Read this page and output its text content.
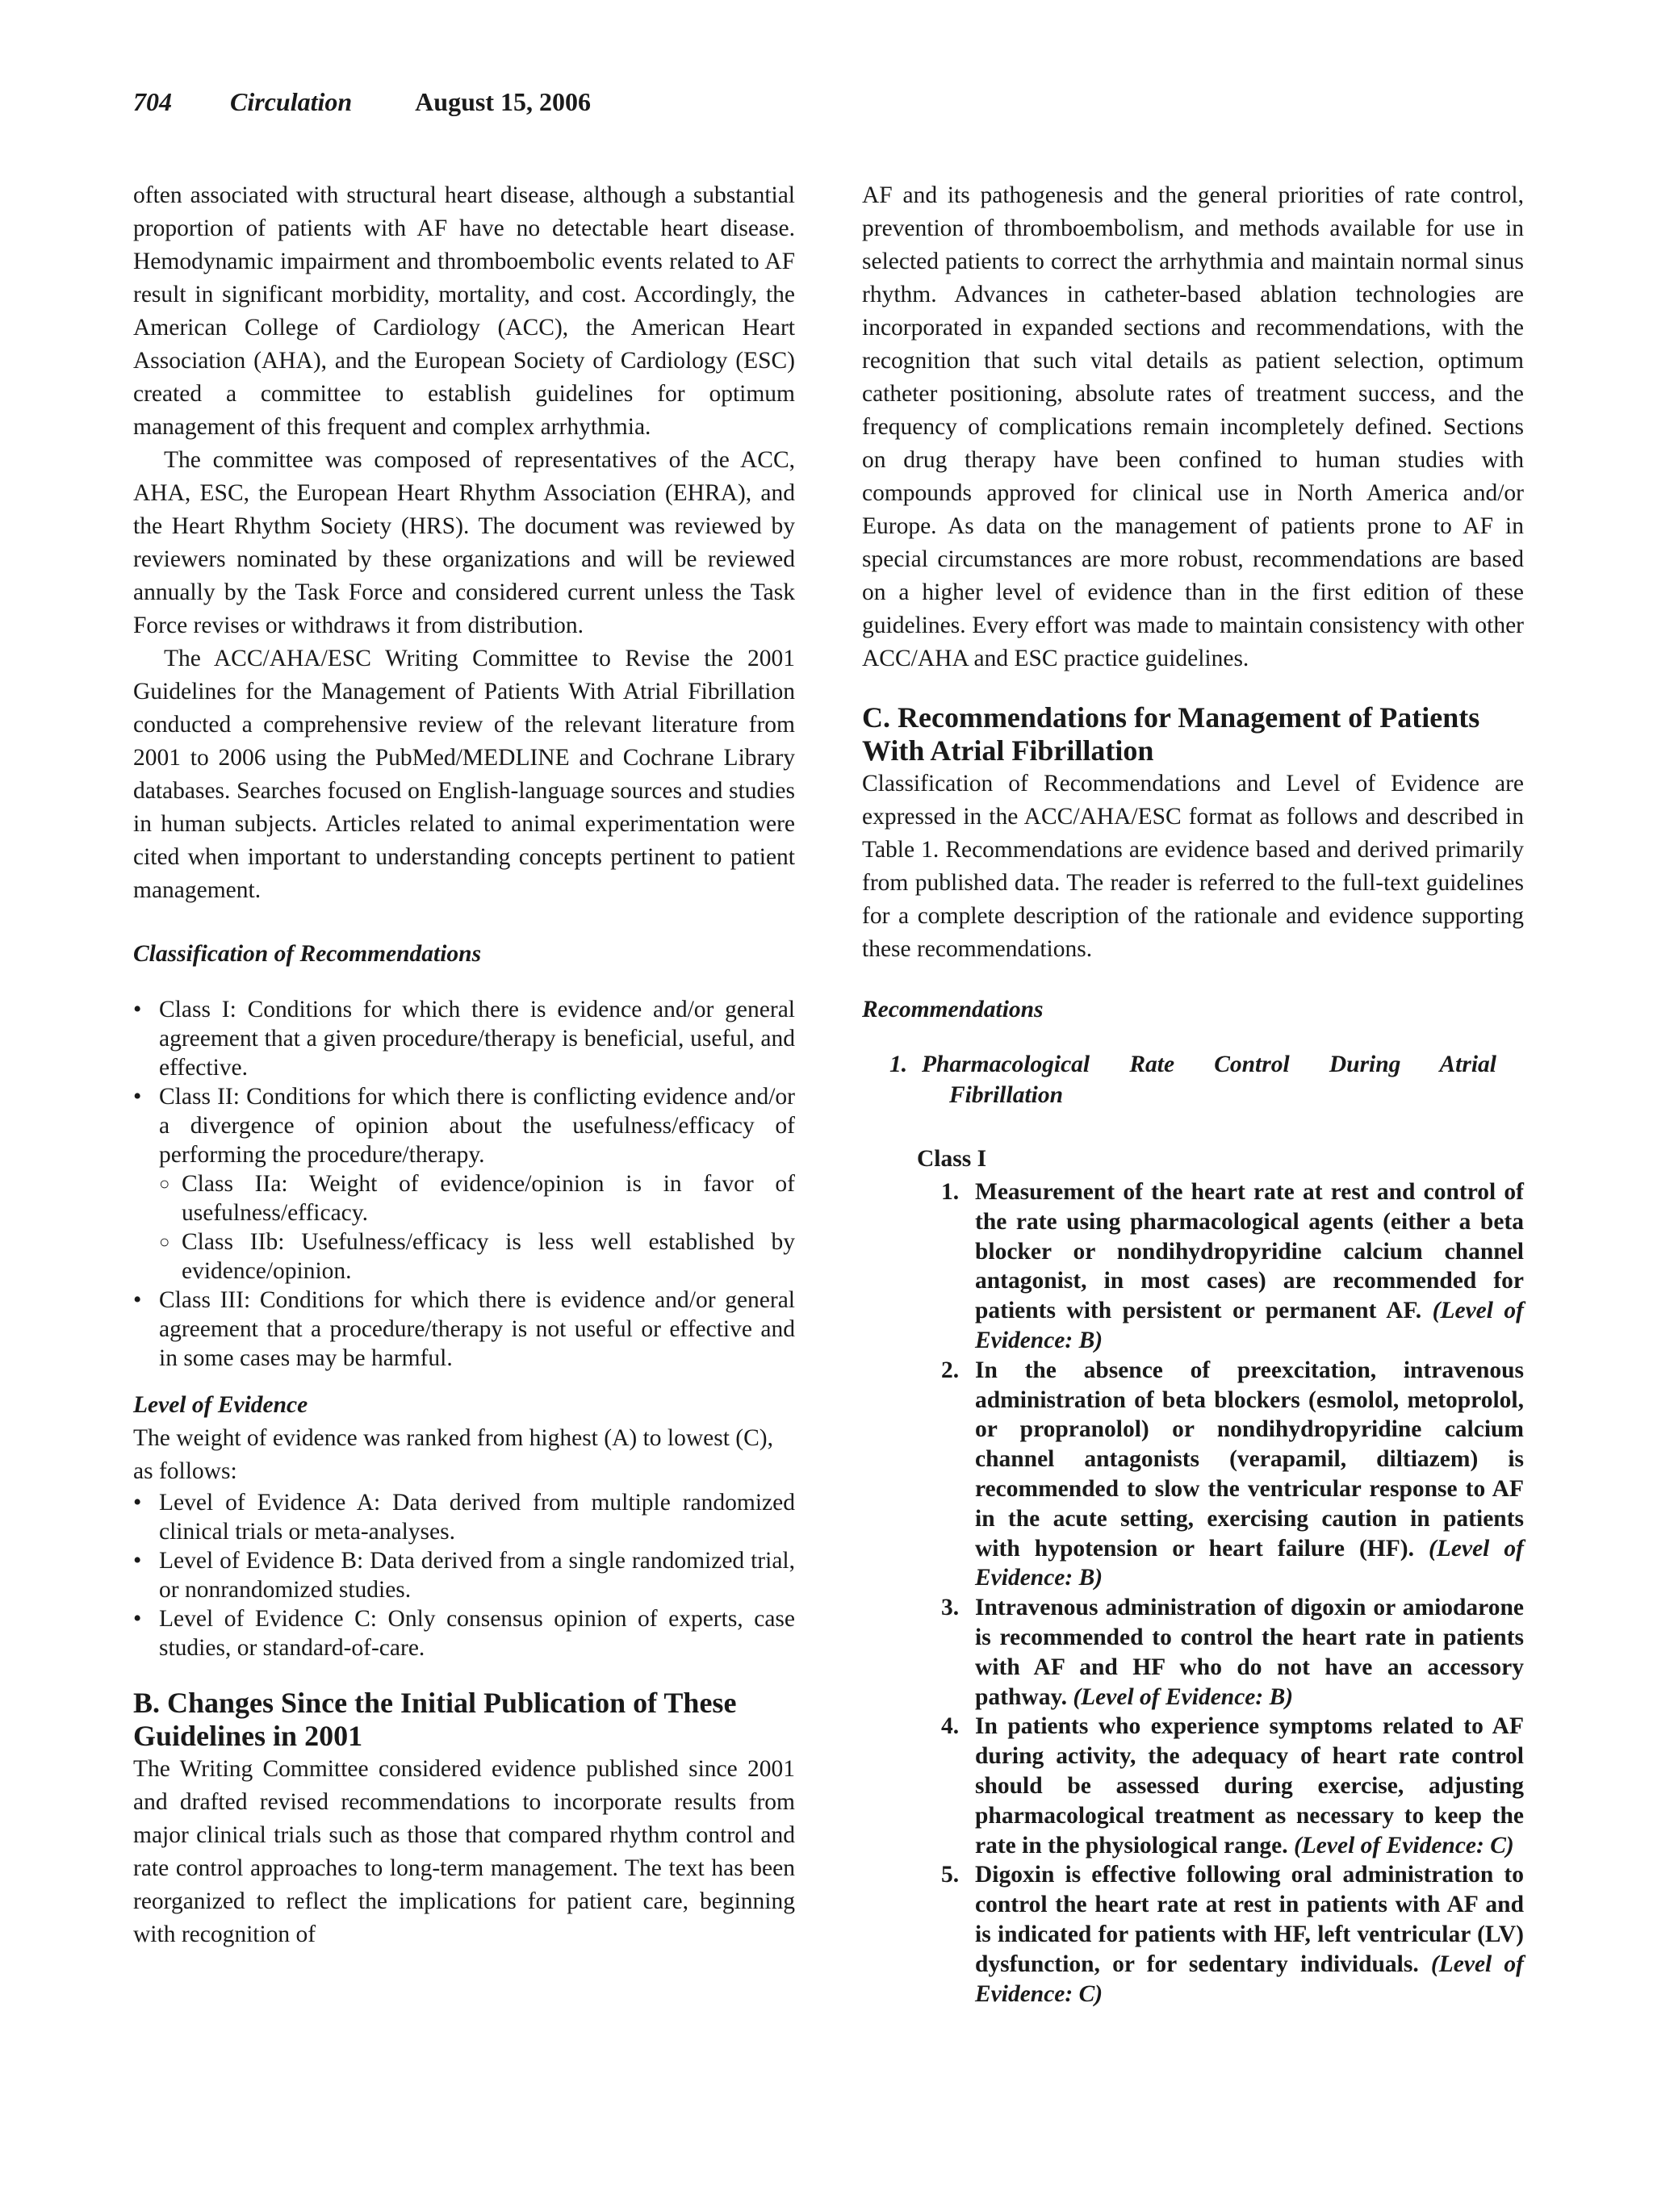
704 Circulation August 15, 2006

often associated with structural heart disease, although a substantial proportion of patients with AF have no detectable heart disease. Hemodynamic impairment and thromboembolic events related to AF result in significant morbidity, mortality, and cost. Accordingly, the American College of Cardiology (ACC), the American Heart Association (AHA), and the European Society of Cardiology (ESC) created a committee to establish guidelines for optimum management of this frequent and complex arrhythmia.

The committee was composed of representatives of the ACC, AHA, ESC, the European Heart Rhythm Association (EHRA), and the Heart Rhythm Society (HRS). The document was reviewed by reviewers nominated by these organizations and will be reviewed annually by the Task Force and considered current unless the Task Force revises or withdraws it from distribution.

The ACC/AHA/ESC Writing Committee to Revise the 2001 Guidelines for the Management of Patients With Atrial Fibrillation conducted a comprehensive review of the relevant literature from 2001 to 2006 using the PubMed/MEDLINE and Cochrane Library databases. Searches focused on English-language sources and studies in human subjects. Articles related to animal experimentation were cited when important to understanding concepts pertinent to patient management.

Classification of Recommendations
• Class I: Conditions for which there is evidence and/or general agreement that a given procedure/therapy is beneficial, useful, and effective.
• Class II: Conditions for which there is conflicting evidence and/or a divergence of opinion about the usefulness/efficacy of performing the procedure/therapy.
○ Class IIa: Weight of evidence/opinion is in favor of usefulness/efficacy.
○ Class IIb: Usefulness/efficacy is less well established by evidence/opinion.
• Class III: Conditions for which there is evidence and/or general agreement that a procedure/therapy is not useful or effective and in some cases may be harmful.
Level of Evidence

The weight of evidence was ranked from highest (A) to lowest (C), as follows:

• Level of Evidence A: Data derived from multiple randomized clinical trials or meta-analyses.
• Level of Evidence B: Data derived from a single randomized trial, or nonrandomized studies.
• Level of Evidence C: Only consensus opinion of experts, case studies, or standard-of-care.
B. Changes Since the Initial Publication of These Guidelines in 2001

The Writing Committee considered evidence published since 2001 and drafted revised recommendations to incorporate results from major clinical trials such as those that compared rhythm control and rate control approaches to long-term management. The text has been reorganized to reflect the implications for patient care, beginning with recognition of

AF and its pathogenesis and the general priorities of rate control, prevention of thromboembolism, and methods available for use in selected patients to correct the arrhythmia and maintain normal sinus rhythm. Advances in catheter-based ablation technologies are incorporated in expanded sections and recommendations, with the recognition that such vital details as patient selection, optimum catheter positioning, absolute rates of treatment success, and the frequency of complications remain incompletely defined. Sections on drug therapy have been confined to human studies with compounds approved for clinical use in North America and/or Europe. As data on the management of patients prone to AF in special circumstances are more robust, recommendations are based on a higher level of evidence than in the first edition of these guidelines. Every effort was made to maintain consistency with other ACC/AHA and ESC practice guidelines.

C. Recommendations for Management of Patients With Atrial Fibrillation

Classification of Recommendations and Level of Evidence are expressed in the ACC/AHA/ESC format as follows and described in Table 1. Recommendations are evidence based and derived primarily from published data. The reader is referred to the full-text guidelines for a complete description of the rationale and evidence supporting these recommendations.

Recommendations
1. Pharmacological Rate Control During Atrial
Fibrillation
Class I
1. Measurement of the heart rate at rest and control of the rate using pharmacological agents (either a beta blocker or nondihydropyridine calcium channel antagonist, in most cases) are recommended for patients with persistent or permanent AF. (Level of Evidence: B)
2. In the absence of preexcitation, intravenous administration of beta blockers (esmolol, metoprolol, or propranolol) or nondihydropyridine calcium channel antagonists (verapamil, diltiazem) is recommended to slow the ventricular response to AF in the acute setting, exercising caution in patients with hypotension or heart failure (HF). (Level of Evidence: B)
3. Intravenous administration of digoxin or amiodarone is recommended to control the heart rate in patients with AF and HF who do not have an accessory pathway. (Level of Evidence: B)
4. In patients who experience symptoms related to AF during activity, the adequacy of heart rate control should be assessed during exercise, adjusting pharmacological treatment as necessary to keep the rate in the physiological range. (Level of Evidence: C)
5. Digoxin is effective following oral administration to control the heart rate at rest in patients with AF and is indicated for patients with HF, left ventricular (LV) dysfunction, or for sedentary individuals. (Level of Evidence: C)
